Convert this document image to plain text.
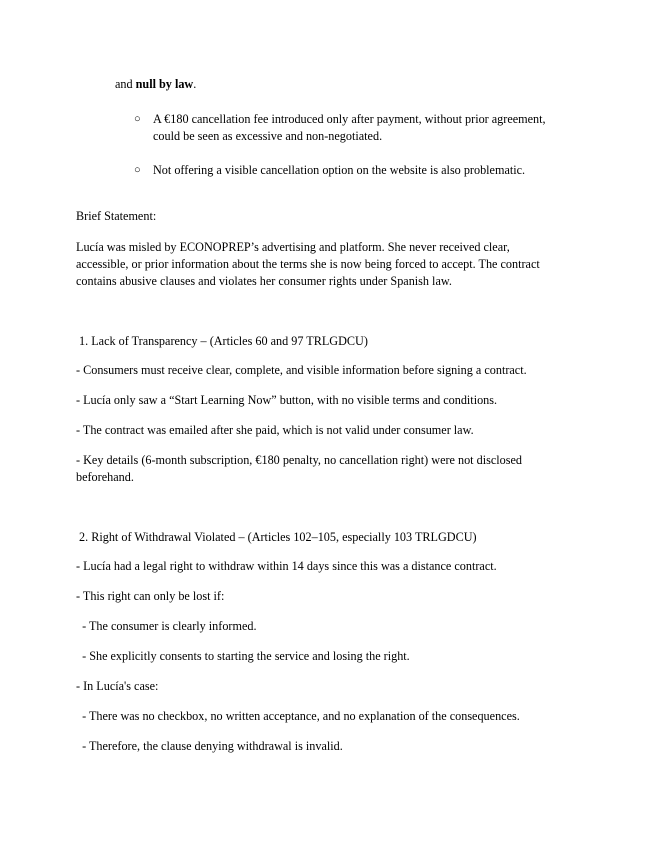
and null by law.

○ A €180 cancellation fee introduced only after payment, without prior agreement,

could be seen as excessive and non-negotiated.

○ Not offering a visible cancellation option on the website is also problematic.

Brief Statement:

Lucía was misled by ECONOPREP’s advertising and platform. She never received clear,

accessible, or prior information about the terms she is now being forced to accept. The contract

contains abusive clauses and violates her consumer rights under Spanish law.

1. Lack of Transparency – (Articles 60 and 97 TRLGDCU)

- Consumers must receive clear, complete, and visible information before signing a contract.

- Lucía only saw a “Start Learning Now” button, with no visible terms and conditions.

- The contract was emailed after she paid, which is not valid under consumer law.

- Key details (6-month subscription, €180 penalty, no cancellation right) were not disclosed

beforehand.

2. Right of Withdrawal Violated – (Articles 102–105, especially 103 TRLGDCU)

- Lucía had a legal right to withdraw within 14 days since this was a distance contract.

- This right can only be lost if:

- The consumer is clearly informed.

- She explicitly consents to starting the service and losing the right.

- In Lucía's case:

- There was no checkbox, no written acceptance, and no explanation of the consequences.

- Therefore, the clause denying withdrawal is invalid.
